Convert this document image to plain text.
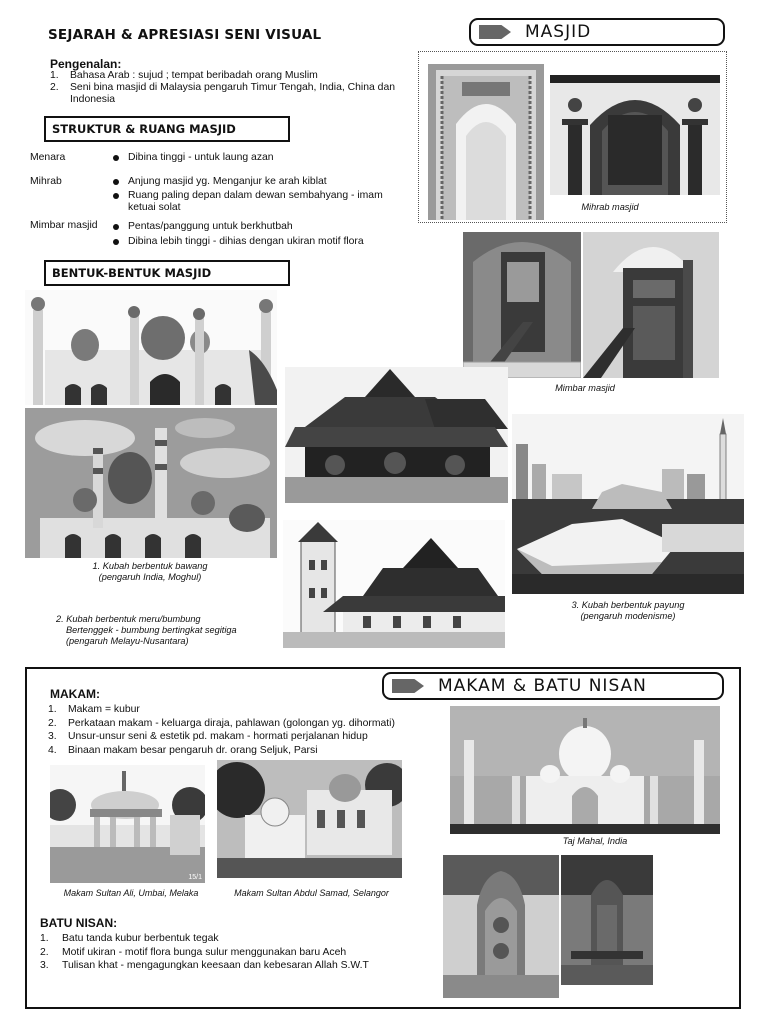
SEJARAH & APRESIASI SENI VISUAL	MASJID
Pengenalan:
1.	Bahasa Arab : sujud ; tempat beribadah orang Muslim
2.	Seni bina masjid di Malaysia pengaruh Timur Tengah, India, China dan Indonesia
STRUKTUR & RUANG MASJID
Menara	Dibina tinggi - untuk laung azan
Mihrab	Anjung masjid yg. Menganjur ke arah kiblat
Ruang paling depan dalam dewan sembahyang - imam ketuai solat
Mimbar masjid	Pentas/panggung untuk berkhutbah
Dibina lebih tinggi - dihias dengan ukiran motif flora
BENTUK-BENTUK MASJID
Mihrab masjid
Mimbar masjid
1. Kubah berbentuk bawang
(pengaruh India, Moghul)
2. Kubah berbentuk meru/bumbung
Bertenggek - bumbung bertingkat segitiga
(pengaruh Melayu-Nusantara)
3. Kubah berbentuk payung
(pengaruh modenisme)
MAKAM & BATU NISAN
MAKAM:
1.	Makam = kubur
2.	Perkataan makam - keluarga diraja, pahlawan (golongan yg. dihormati)
3.	Unsur-unsur seni & estetik pd. makam - hormati perjalanan hidup
4.	Binaan makam besar pengaruh dr. orang Seljuk, Parsi
15/1
Makam Sultan Ali, Umbai, Melaka	Makam Sultan Abdul Samad, Selangor
Taj Mahal, India
BATU NISAN:
1.	Batu tanda kubur berbentuk tegak
2.	Motif ukiran - motif flora bunga sulur menggunakan baru Aceh
3.	Tulisan khat - mengagungkan keesaan dan kebesaran Allah S.W.T
